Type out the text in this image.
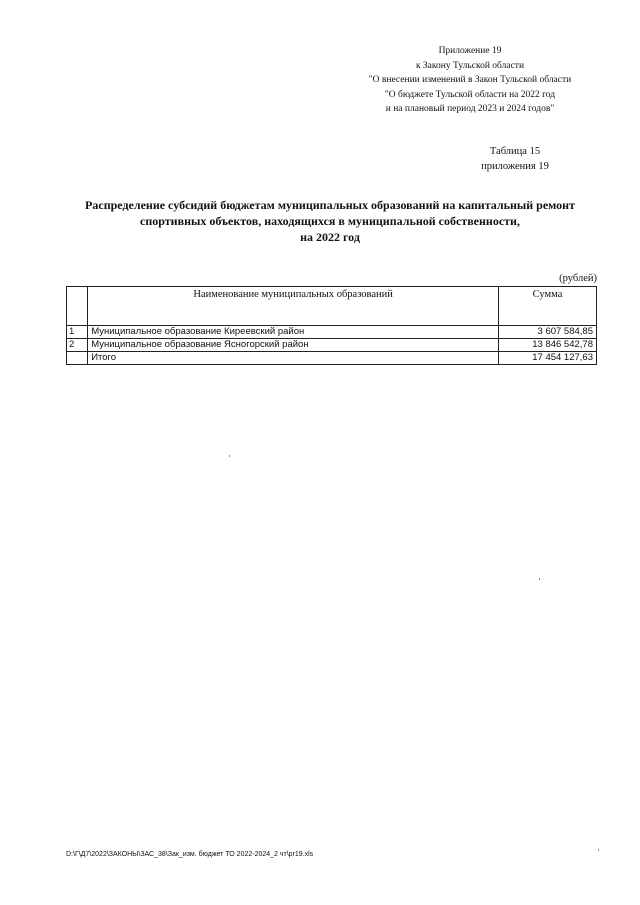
Приложение 19
к Закону Тульской области
"О внесении изменений в Закон Тульской области
"О бюджете Тульской области на 2022 год
и на плановый период 2023 и 2024 годов"
Таблица 15
приложения 19
Распределение субсидий бюджетам муниципальных образований на капитальный ремонт
спортивных объектов, находящихся в муниципальной собственности,
на 2022 год
(рублей)
	Наименование муниципальных образований	Сумма
1	Муниципальное образование Киреевский район	3 607 584,85
2	Муниципальное образование Ясногорский район	13 846 542,78
	Итого	17 454 127,63
D:\Г\Д7\2022\ЗАКОНЫ\ЗАС_38\Зак_изм. бюджет ТО 2022-2024_2 чт\pr19.xls
